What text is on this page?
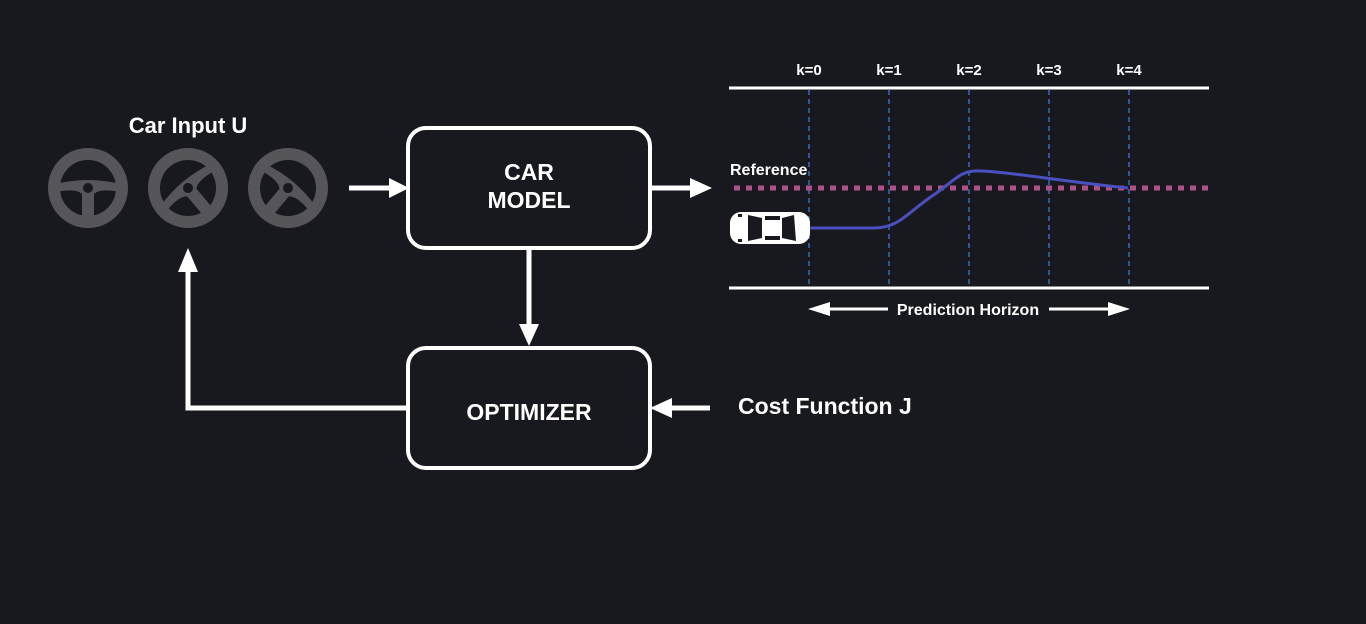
Car Input U
CAR
MODEL
OPTIMIZER	Cost Function J
k=0	k=1	k=2	k=3	k=4
Reference
Prediction Horizon
